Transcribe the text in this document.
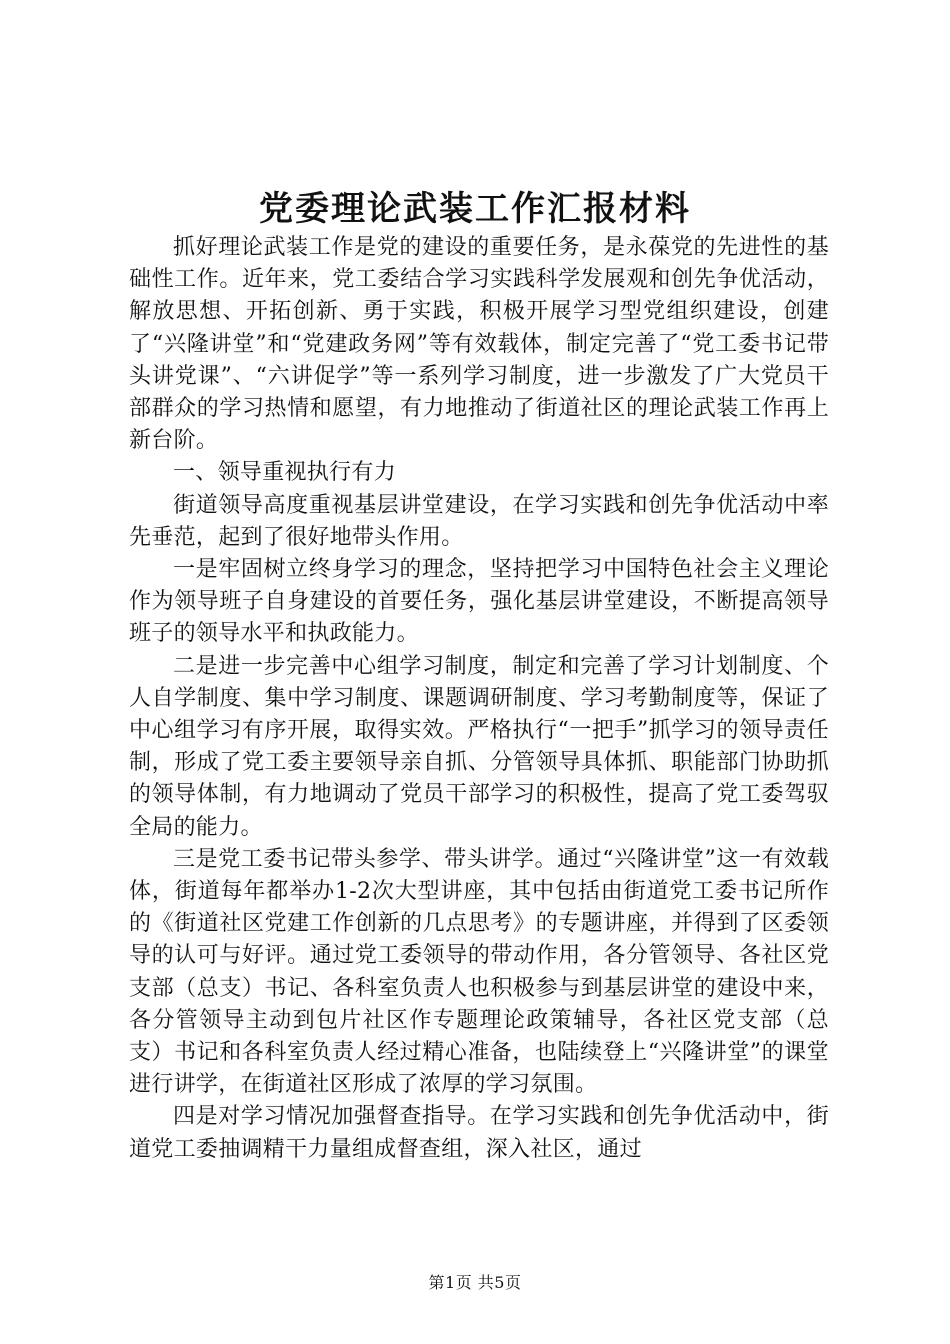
党委理论武装工作汇报材料

抓好理论武装工作是党的建设的重要任务，是永葆党的先进性的基础性工作。近年来，党工委结合学习实践科学发展观和创先争优活动，解放思想、开拓创新、勇于实践，积极开展学习型党组织建设，创建了“兴隆讲堂”和“党建政务网”等有效载体，制定完善了“党工委书记带头讲党课”、“六讲促学”等一系列学习制度，进一步激发了广大党员干部群众的学习热情和愿望，有力地推动了街道社区的理论武装工作再上新台阶。

一、领导重视执行有力

街道领导高度重视基层讲堂建设，在学习实践和创先争优活动中率先垂范，起到了很好地带头作用。

一是牢固树立终身学习的理念，坚持把学习中国特色社会主义理论作为领导班子自身建设的首要任务，强化基层讲堂建设，不断提高领导班子的领导水平和执政能力。

二是进一步完善中心组学习制度，制定和完善了学习计划制度、个人自学制度、集中学习制度、课题调研制度、学习考勤制度等，保证了中心组学习有序开展，取得实效。严格执行“一把手”抓学习的领导责任制，形成了党工委主要领导亲自抓、分管领导具体抓、职能部门协助抓的领导体制，有力地调动了党员干部学习的积极性，提高了党工委驾驭全局的能力。

三是党工委书记带头参学、带头讲学。通过“兴隆讲堂”这一有效载体，街道每年都举办1-2次大型讲座，其中包括由街道党工委书记所作的《街道社区党建工作创新的几点思考》的专题讲座，并得到了区委领导的认可与好评。通过党工委领导的带动作用，各分管领导、各社区党支部（总支）书记、各科室负责人也积极参与到基层讲堂的建设中来，各分管领导主动到包片社区作专题理论政策辅导，各社区党支部（总支）书记和各科室负责人经过精心准备，也陆续登上“兴隆讲堂”的课堂进行讲学，在街道社区形成了浓厚的学习氛围。

四是对学习情况加强督查指导。在学习实践和创先争优活动中，街道党工委抽调精干力量组成督查组，深入社区，通过

第1页 共5页
